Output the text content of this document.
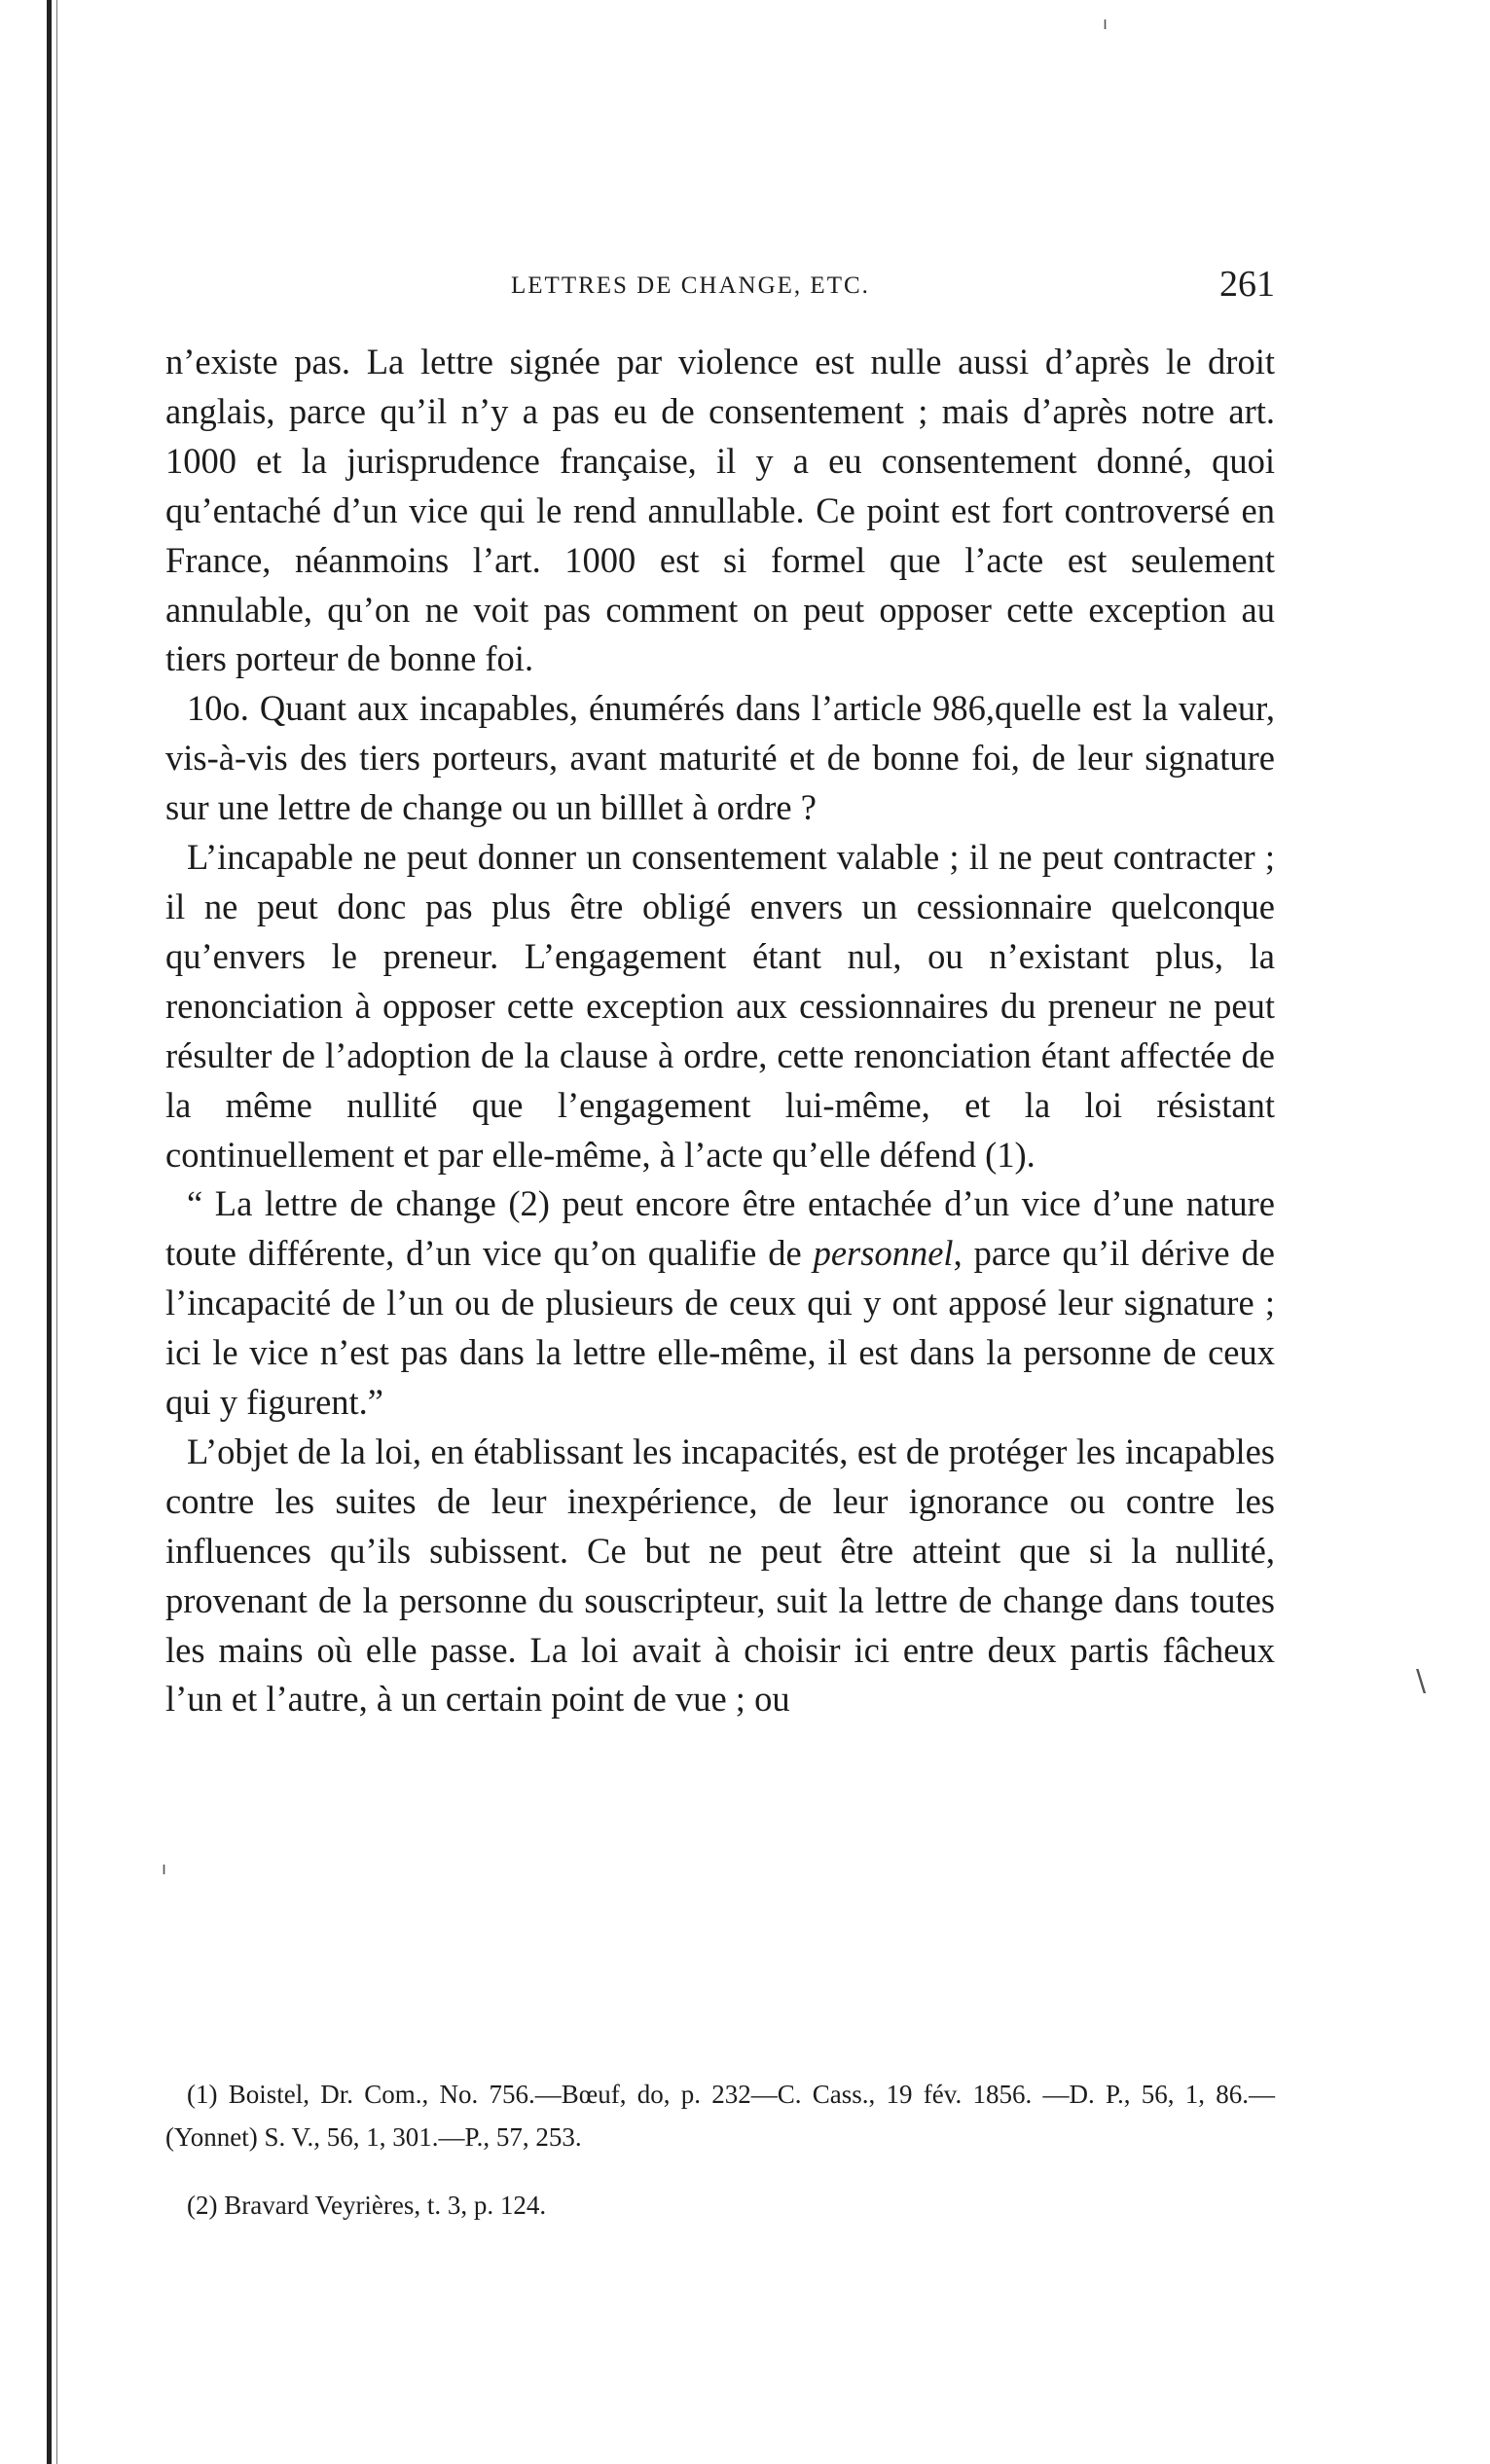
ı
\
ı
LETTRES DE CHANGE, ETC.	261

n’existe pas. La lettre signée par violence est nulle aussi d’après le droit anglais, parce qu’il n’y a pas eu de consentement ; mais d’après notre art. 1000 et la jurisprudence française, il y a eu consentement donné, quoi qu’entaché d’un vice qui le rend annullable. Ce point est fort controversé en France, néanmoins l’art. 1000 est si formel que l’acte est seulement annulable, qu’on ne voit pas comment on peut opposer cette exception au tiers porteur de bonne foi.

10o. Quant aux incapables, énumérés dans l’article 986,quelle est la valeur, vis-à-vis des tiers porteurs, avant maturité et de bonne foi, de leur signature sur une lettre de change ou un billlet à ordre ?

L’incapable ne peut donner un consentement valable ; il ne peut contracter ; il ne peut donc pas plus être obligé envers un cessionnaire quelconque qu’envers le preneur. L’engagement étant nul, ou n’existant plus, la renonciation à opposer cette exception aux cessionnaires du preneur ne peut résulter de l’adoption de la clause à ordre, cette renonciation étant affectée de la même nullité que l’engagement lui-même, et la loi résistant continuellement et par elle-même, à l’acte qu’elle défend (1).

“ La lettre de change (2) peut encore être entachée d’un vice d’une nature toute différente, d’un vice qu’on qualifie de personnel, parce qu’il dérive de l’incapacité de l’un ou de plusieurs de ceux qui y ont apposé leur signature ; ici le vice n’est pas dans la lettre elle-même, il est dans la personne de ceux qui y figurent.”

L’objet de la loi, en établissant les incapacités, est de protéger les incapables contre les suites de leur inexpérience, de leur ignorance ou contre les influences qu’ils subissent. Ce but ne peut être atteint que si la nullité, provenant de la personne du souscripteur, suit la lettre de change dans toutes les mains où elle passe. La loi avait à choisir ici entre deux partis fâcheux l’un et l’autre, à un certain point de vue ; ou

(1) Boistel, Dr. Com., No. 756.—Bœuf, do, p. 232—C. Cass., 19 fév. 1856. —D. P., 56, 1, 86.—(Yonnet) S. V., 56, 1, 301.—P., 57, 253.

(2) Bravard Veyrières, t. 3, p. 124.
